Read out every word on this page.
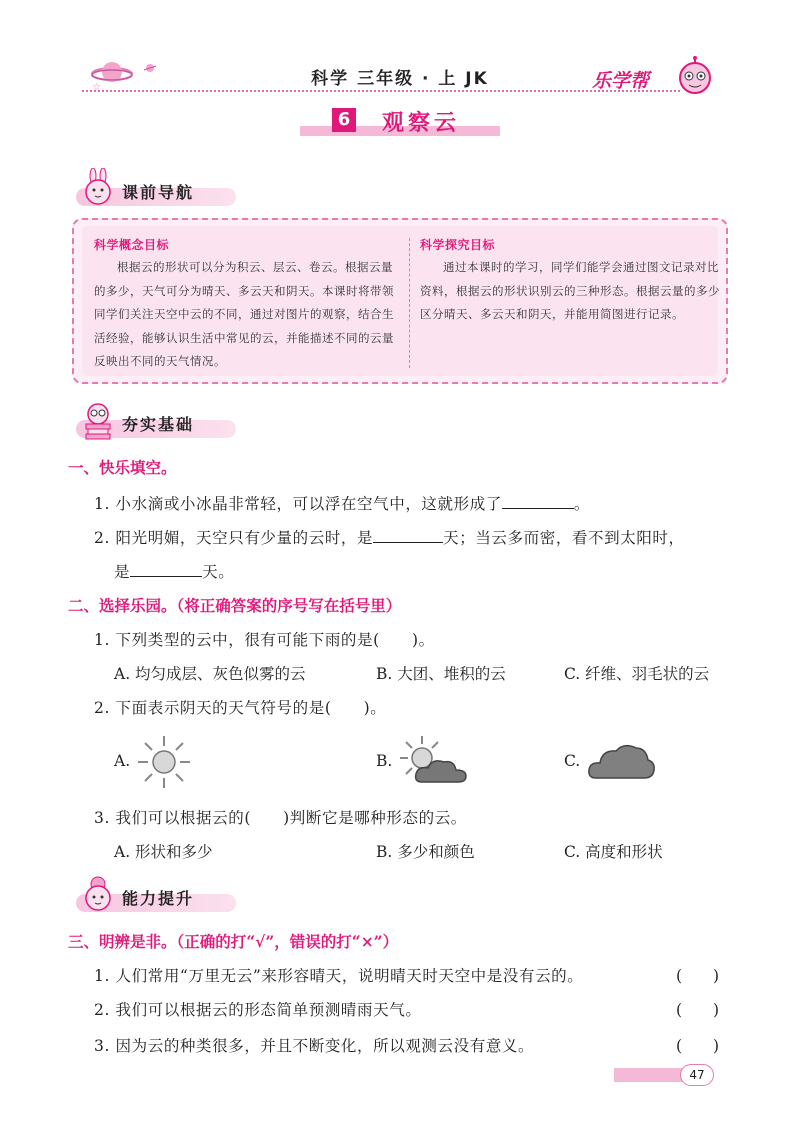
☆	科学 三年级 · 上 JK	乐学帮
6 观察云
课前导航
科学概念目标

根据云的形状可以分为积云、层云、卷云。根据云量的多少，天气可分为晴天、多云天和阴天。本课时将带领同学们关注天空中云的不同，通过对图片的观察，结合生活经验，能够认识生活中常见的云，并能描述不同的云量反映出不同的天气情况。

科学探究目标

通过本课时的学习，同学们能学会通过图文记录对比资料，根据云的形状识别云的三种形态。根据云量的多少区分晴天、多云天和阴天，并能用简图进行记录。

夯实基础
一、快乐填空。
1. 小水滴或小冰晶非常轻，可以浮在空气中，这就形成了	。
2. 阳光明媚，天空只有少量的云时，是	天；当云多而密，看不到太阳时，
是	天。
二、选择乐园。（将正确答案的序号写在括号里）
1. 下列类型的云中，很有可能下雨的是(　　)。
A. 均匀成层、灰色似雾的云	B. 大团、堆积的云	C. 纤维、羽毛状的云
2. 下面表示阴天的天气符号的是(　　)。
A.	B.	C.
3. 我们可以根据云的(　　)判断它是哪种形态的云。
A. 形状和多少	B. 多少和颜色	C. 高度和形状
能力提升
三、明辨是非。（正确的打“√”，错误的打“×”）
1. 人们常用“万里无云”来形容晴天，说明晴天时天空中是没有云的。	(　　)
2. 我们可以根据云的形态简单预测晴雨天气。	(　　)
3. 因为云的种类很多，并且不断变化，所以观测云没有意义。	(　　)
47
